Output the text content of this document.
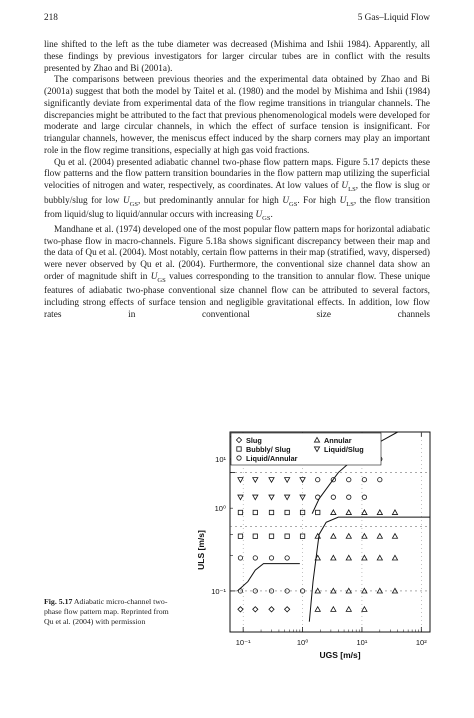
218	5 Gas–Liquid Flow

line shifted to the left as the tube diameter was decreased (Mishima and Ishii 1984). Apparently, all these findings by previous investigators for larger circular tubes are in conflict with the results presented by Zhao and Bi (2001a).

The comparisons between previous theories and the experimental data obtained by Zhao and Bi (2001a) suggest that both the model by Taitel et al. (1980) and the model by Mishima and Ishii (1984) significantly deviate from experimental data of the flow regime transitions in triangular channels. The discrepancies might be attributed to the fact that previous phenomenological models were developed for moderate and large circular channels, in which the effect of surface tension is insignificant. For triangular channels, however, the meniscus effect induced by the sharp corners may play an important role in the flow regime transitions, especially at high gas void fractions.

Qu et al. (2004) presented adiabatic channel two-phase flow pattern maps. Figure 5.17 depicts these flow patterns and the flow pattern transition boundaries in the flow pattern map utilizing the superficial velocities of nitrogen and water, respectively, as coordinates. At low values of $U_{LS}$, the flow is slug or bubbly/slug for low $U_{GS}$, but predominantly annular for high $U_{GS}$. For high $U_{LS}$, the flow transition from liquid/slug to liquid/annular occurs with increasing $U_{GS}$.

Mandhane et al. (1974) developed one of the most popular flow pattern maps for horizontal adiabatic two-phase flow in macro-channels. Figure 5.18a shows significant discrepancy between their map and the data of Qu et al. (2004). Most notably, certain flow patterns in their map (stratified, wavy, dispersed) were never observed by Qu et al. (2004). Furthermore, the conventional size channel data show an order of magnitude shift in $U_{GS}$ values corresponding to the transition to annular flow. These unique features of adiabatic two-phase conventional size channel flow can be attributed to several factors, including strong effects of surface tension and negligible gravitational effects. In addition, low flow rates in conventional size channels

Fig. 5.17 Adiabatic micro-channel two-phase flow pattern map. Reprinted from Qu et al. (2004) with permission
10⁻¹	10⁰	10¹	10²
10⁻¹
10⁰
10¹
UGS [m/s]
ULS [m/s]
Slug
Bubbly/ Slug
Liquid/Annular
Annular
Liquid/Slug
